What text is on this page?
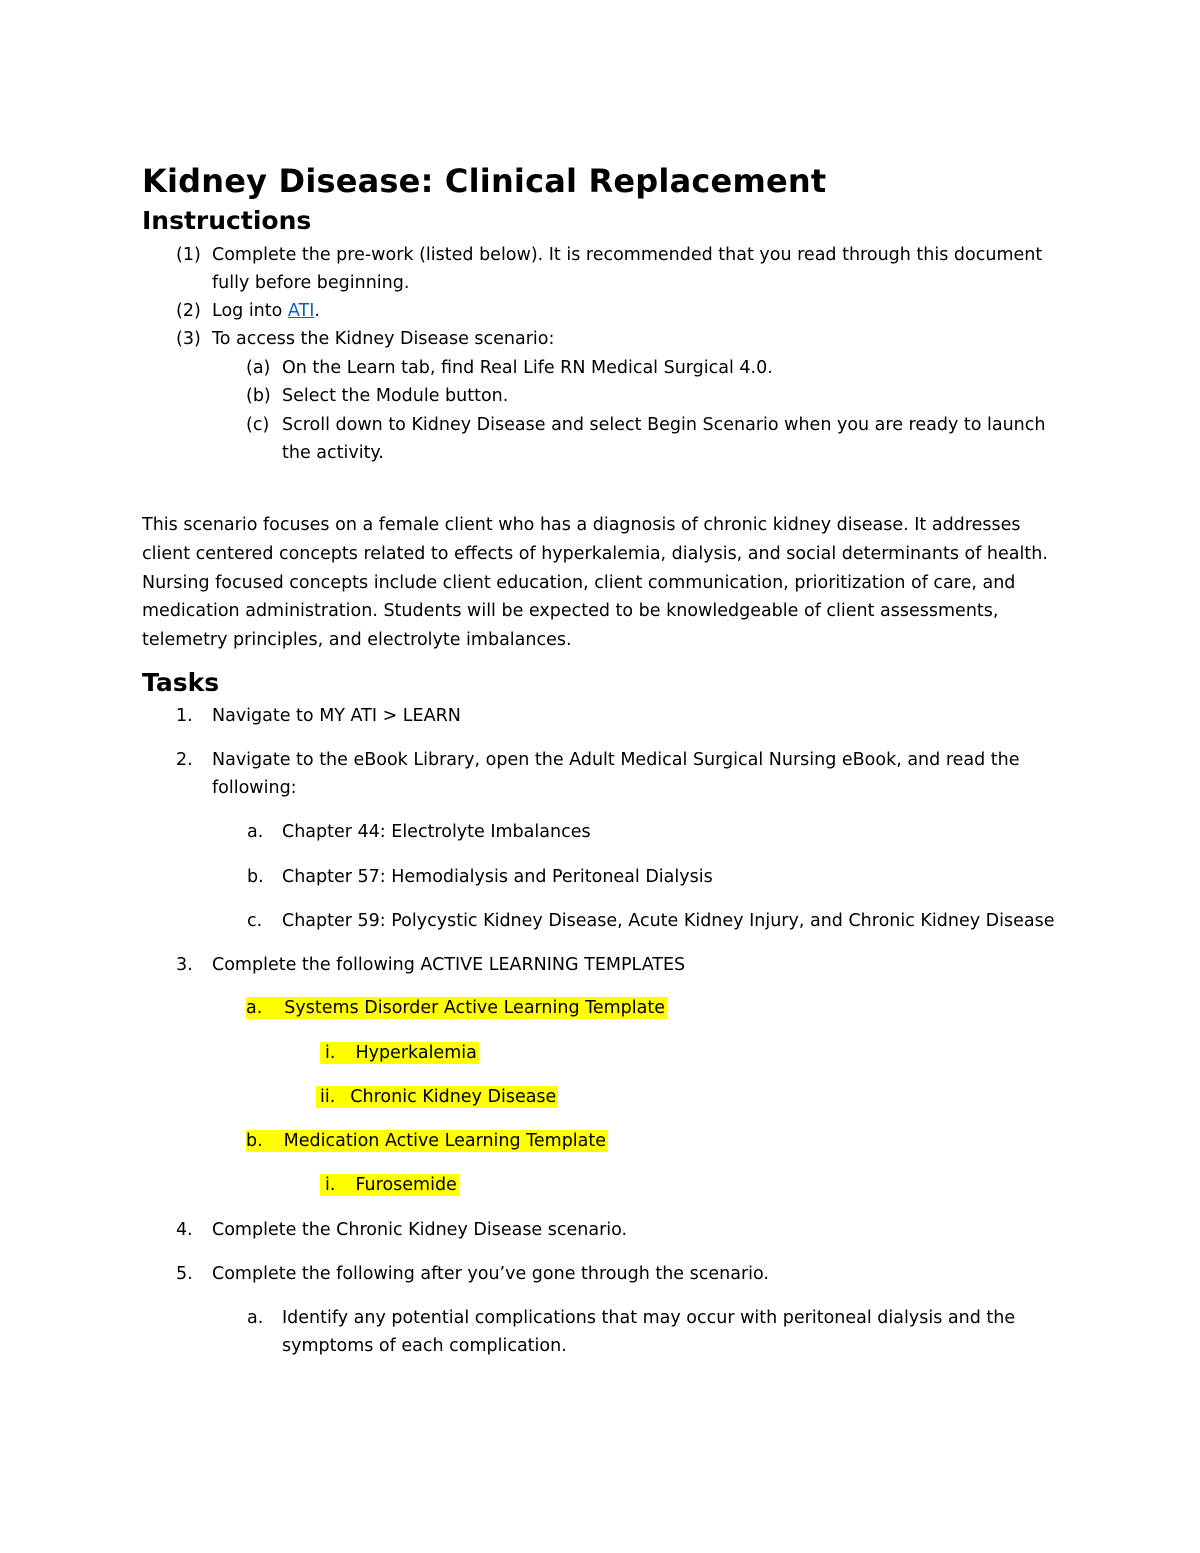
Kidney Disease: Clinical Replacement
Instructions
(1) Complete the pre-work (listed below). It is recommended that you read through this document
fully before beginning.
(2) Log into ATI.
(3) To access the Kidney Disease scenario:
(a) On the Learn tab, find Real Life RN Medical Surgical 4.0.
(b) Select the Module button.
(c) Scroll down to Kidney Disease and select Begin Scenario when you are ready to launch
the activity.
This scenario focuses on a female client who has a diagnosis of chronic kidney disease. It addresses
client centered concepts related to effects of hyperkalemia, dialysis, and social determinants of health.
Nursing focused concepts include client education, client communication, prioritization of care, and
medication administration. Students will be expected to be knowledgeable of client assessments,
telemetry principles, and electrolyte imbalances.
Tasks
1. Navigate to MY ATI > LEARN
2. Navigate to the eBook Library, open the Adult Medical Surgical Nursing eBook, and read the
following:
a. Chapter 44: Electrolyte Imbalances
b. Chapter 57: Hemodialysis and Peritoneal Dialysis
c. Chapter 59: Polycystic Kidney Disease, Acute Kidney Injury, and Chronic Kidney Disease
3. Complete the following ACTIVE LEARNING TEMPLATES
a. Systems Disorder Active Learning Template
i. Hyperkalemia
ii. Chronic Kidney Disease
b. Medication Active Learning Template
i. Furosemide
4. Complete the Chronic Kidney Disease scenario.
5. Complete the following after you’ve gone through the scenario.
a. Identify any potential complications that may occur with peritoneal dialysis and the
symptoms of each complication.
